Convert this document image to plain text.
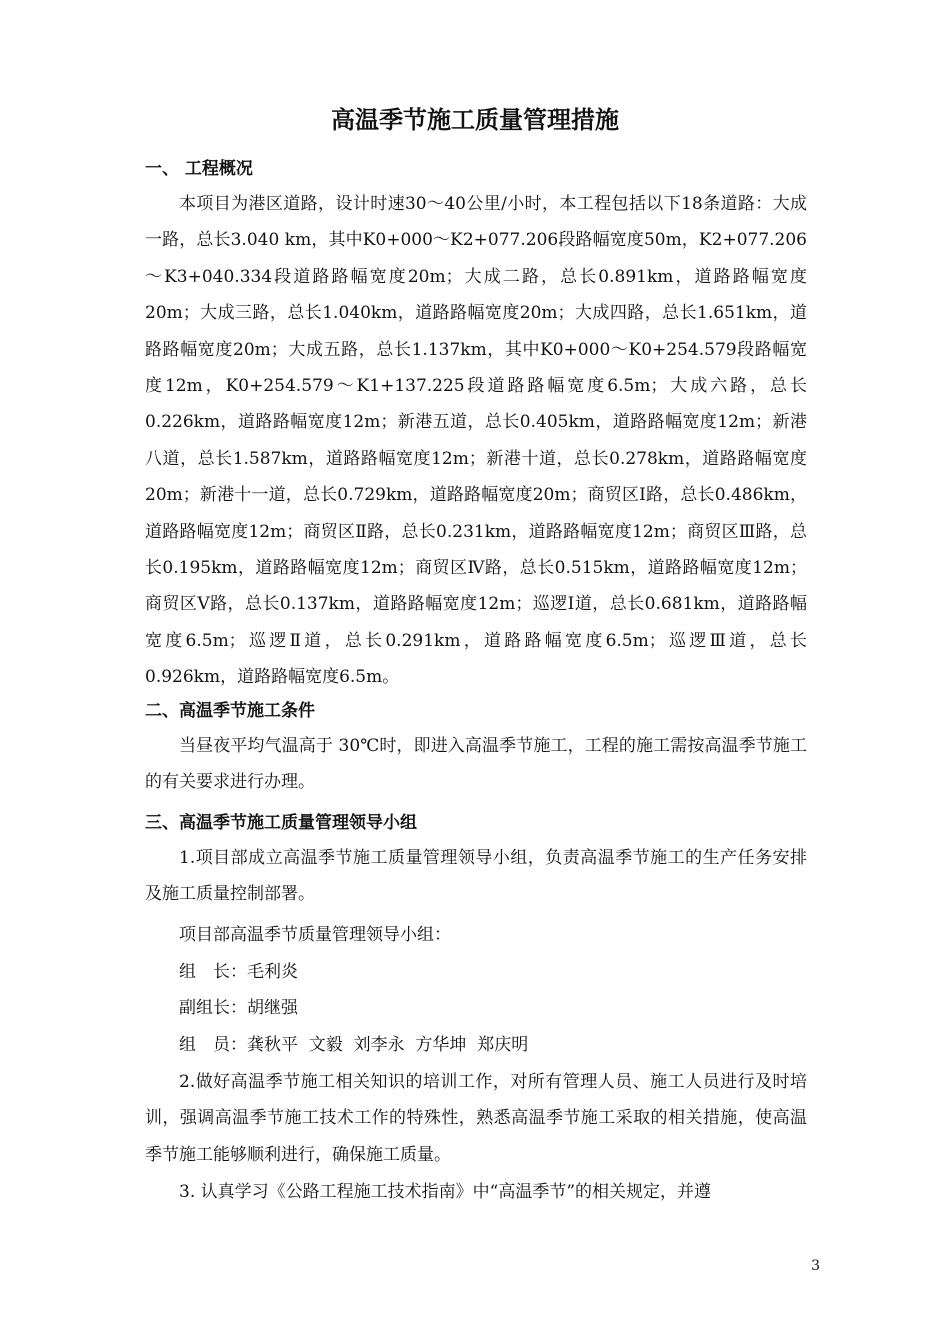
高温季节施工质量管理措施
一、 工程概况

本项目为港区道路，设计时速30～40公里/小时，本工程包括以下18条道路：大成一路，总长3.040 km，其中K0+000～K2+077.206段路幅宽度50m，K2+077.206～K3+040.334段道路路幅宽度20m；大成二路，总长0.891km，道路路幅宽度20m；大成三路，总长1.040km，道路路幅宽度20m；大成四路，总长1.651km，道路路幅宽度20m；大成五路，总长1.137km，其中K0+000～K0+254.579段路幅宽度12m，K0+254.579～K1+137.225段道路路幅宽度6.5m；大成六路，总长0.226km，道路路幅宽度12m；新港五道，总长0.405km，道路路幅宽度12m；新港八道，总长1.587km，道路路幅宽度12m；新港十道，总长0.278km，道路路幅宽度20m；新港十一道，总长0.729km，道路路幅宽度20m；商贸区Ⅰ路，总长0.486km，道路路幅宽度12m；商贸区Ⅱ路，总长0.231km，道路路幅宽度12m；商贸区Ⅲ路，总长0.195km，道路路幅宽度12m；商贸区Ⅳ路，总长0.515km，道路路幅宽度12m；商贸区Ⅴ路，总长0.137km，道路路幅宽度12m；巡逻Ⅰ道，总长0.681km，道路路幅宽度6.5m；巡逻Ⅱ道，总长0.291km，道路路幅宽度6.5m；巡逻Ⅲ道，总长0.926km，道路路幅宽度6.5m。

二、高温季节施工条件

当昼夜平均气温高于 30℃时，即进入高温季节施工，工程的施工需按高温季节施工的有关要求进行办理。

三、高温季节施工质量管理领导小组

1.项目部成立高温季节施工质量管理领导小组，负责高温季节施工的生产任务安排及施工质量控制部署。

项目部高温季节质量管理领导小组：
组　长：毛利炎
副组长：胡继强
组　员：龚秋平  文毅  刘李永  方华坤  郑庆明

2.做好高温季节施工相关知识的培训工作，对所有管理人员、施工人员进行及时培训，强调高温季节施工技术工作的特殊性，熟悉高温季节施工采取的相关措施，使高温季节施工能够顺利进行，确保施工质量。

3. 认真学习《公路工程施工技术指南》中“高温季节”的相关规定，并遵

3
